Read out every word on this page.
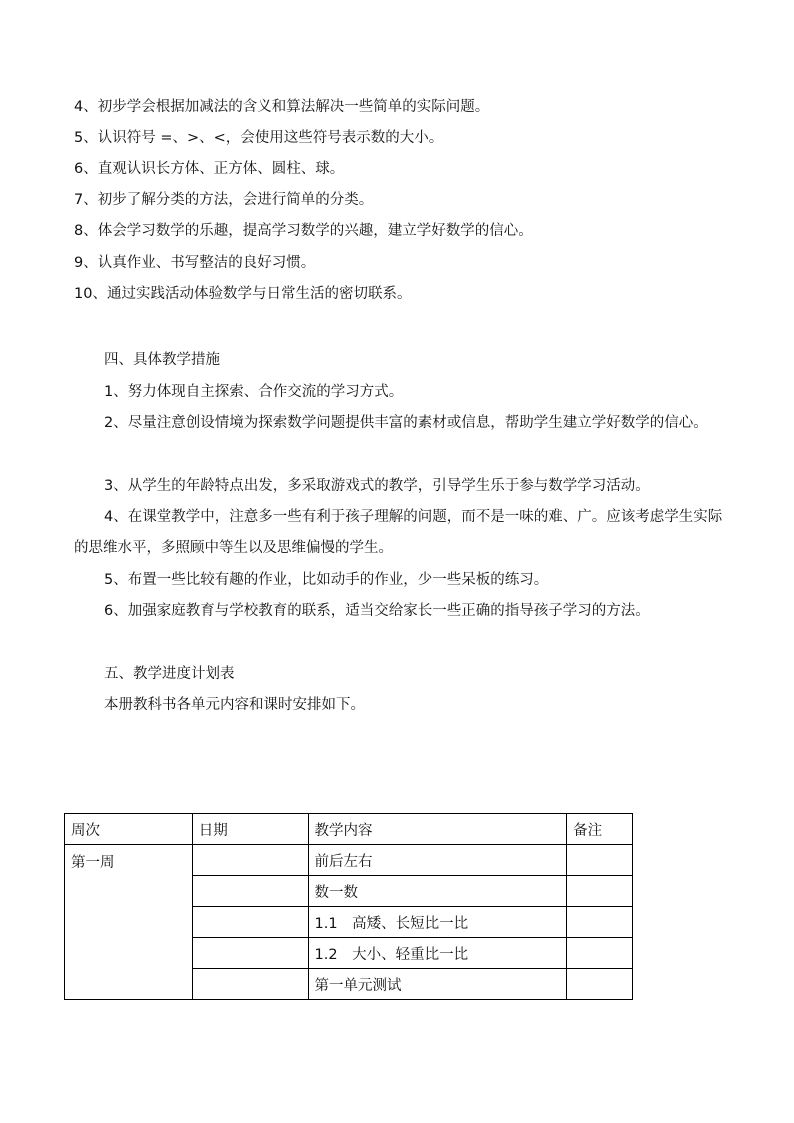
4、初步学会根据加减法的含义和算法解决一些简单的实际问题。
5、认识符号 =、>、<，会使用这些符号表示数的大小。
6、直观认识长方体、正方体、圆柱、球。
7、初步了解分类的方法，会进行简单的分类。
8、体会学习数学的乐趣，提高学习数学的兴趣，建立学好数学的信心。
9、认真作业、书写整洁的良好习惯。
10、通过实践活动体验数学与日常生活的密切联系。
四、具体教学措施
1、努力体现自主探索、合作交流的学习方式。
2、尽量注意创设情境为探索数学问题提供丰富的素材或信息，帮助学生建立学好数学的信心。
3、从学生的年龄特点出发，多采取游戏式的教学，引导学生乐于参与数学学习活动。
4、在课堂教学中，注意多一些有利于孩子理解的问题，而不是一味的难、广。应该考虑学生实际的思维水平，多照顾中等生以及思维偏慢的学生。
5、布置一些比较有趣的作业，比如动手的作业，少一些呆板的练习。
6、加强家庭教育与学校教育的联系，适当交给家长一些正确的指导孩子学习的方法。
五、教学进度计划表
本册教科书各单元内容和课时安排如下。
周次	日期	教学内容	备注
第一周		前后左右	
		数一数	
		1.1　高矮、长短比一比	
		1.2　大小、轻重比一比	
		第一单元测试	
